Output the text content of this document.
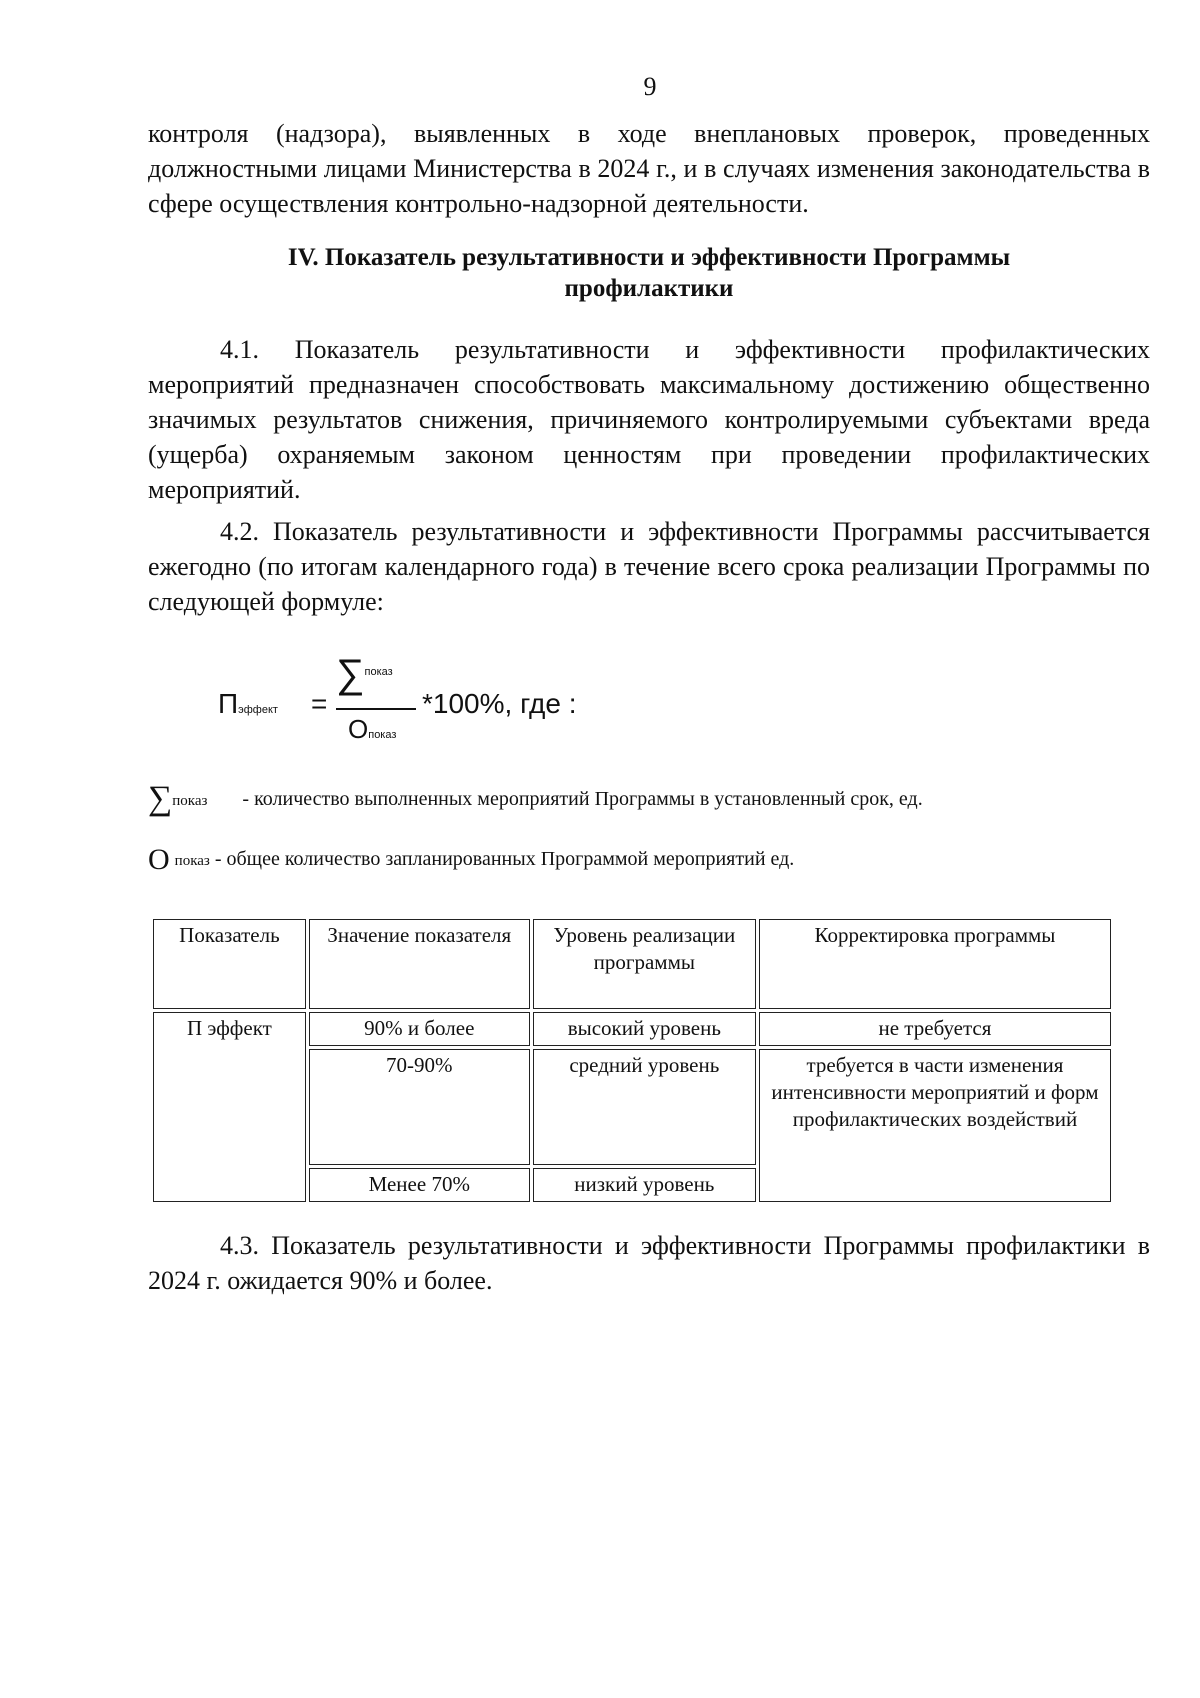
9
контроля (надзора), выявленных в ходе внеплановых проверок, проведенных должностными лицами Министерства в 2024 г., и в случаях изменения законодательства в сфере осуществления контрольно-надзорной деятельности.
IV. Показатель результативности и эффективности Программы
профилактики
4.1. Показатель результативности и эффективности профилактических мероприятий предназначен способствовать максимальному достижению общественно значимых результатов снижения, причиняемого контролируемыми субъектами вреда (ущерба) охраняемым законом ценностям при проведении профилактических мероприятий.
4.2. Показатель результативности и эффективности Программы рассчитывается ежегодно (по итогам календарного года) в течение всего срока реализации Программы по следующей формуле:
Пэффект =
∑$^{показ}$
Опоказ
*100%, где :
∑показ - количество выполненных мероприятий Программы в установленный срок, ед.
О показ - общее количество запланированных Программой мероприятий ед.
Показатель	Значение показателя	Уровень реализации программы	Корректировка программы
П эффект	90% и более	высокий уровень	не требуется
	70-90%	средний уровень	требуется в части изменения интенсивности мероприятий и форм профилактических воздействий
	Менее 70%	низкий уровень	
4.3. Показатель результативности и эффективности Программы профилактики в 2024 г. ожидается 90% и более.
